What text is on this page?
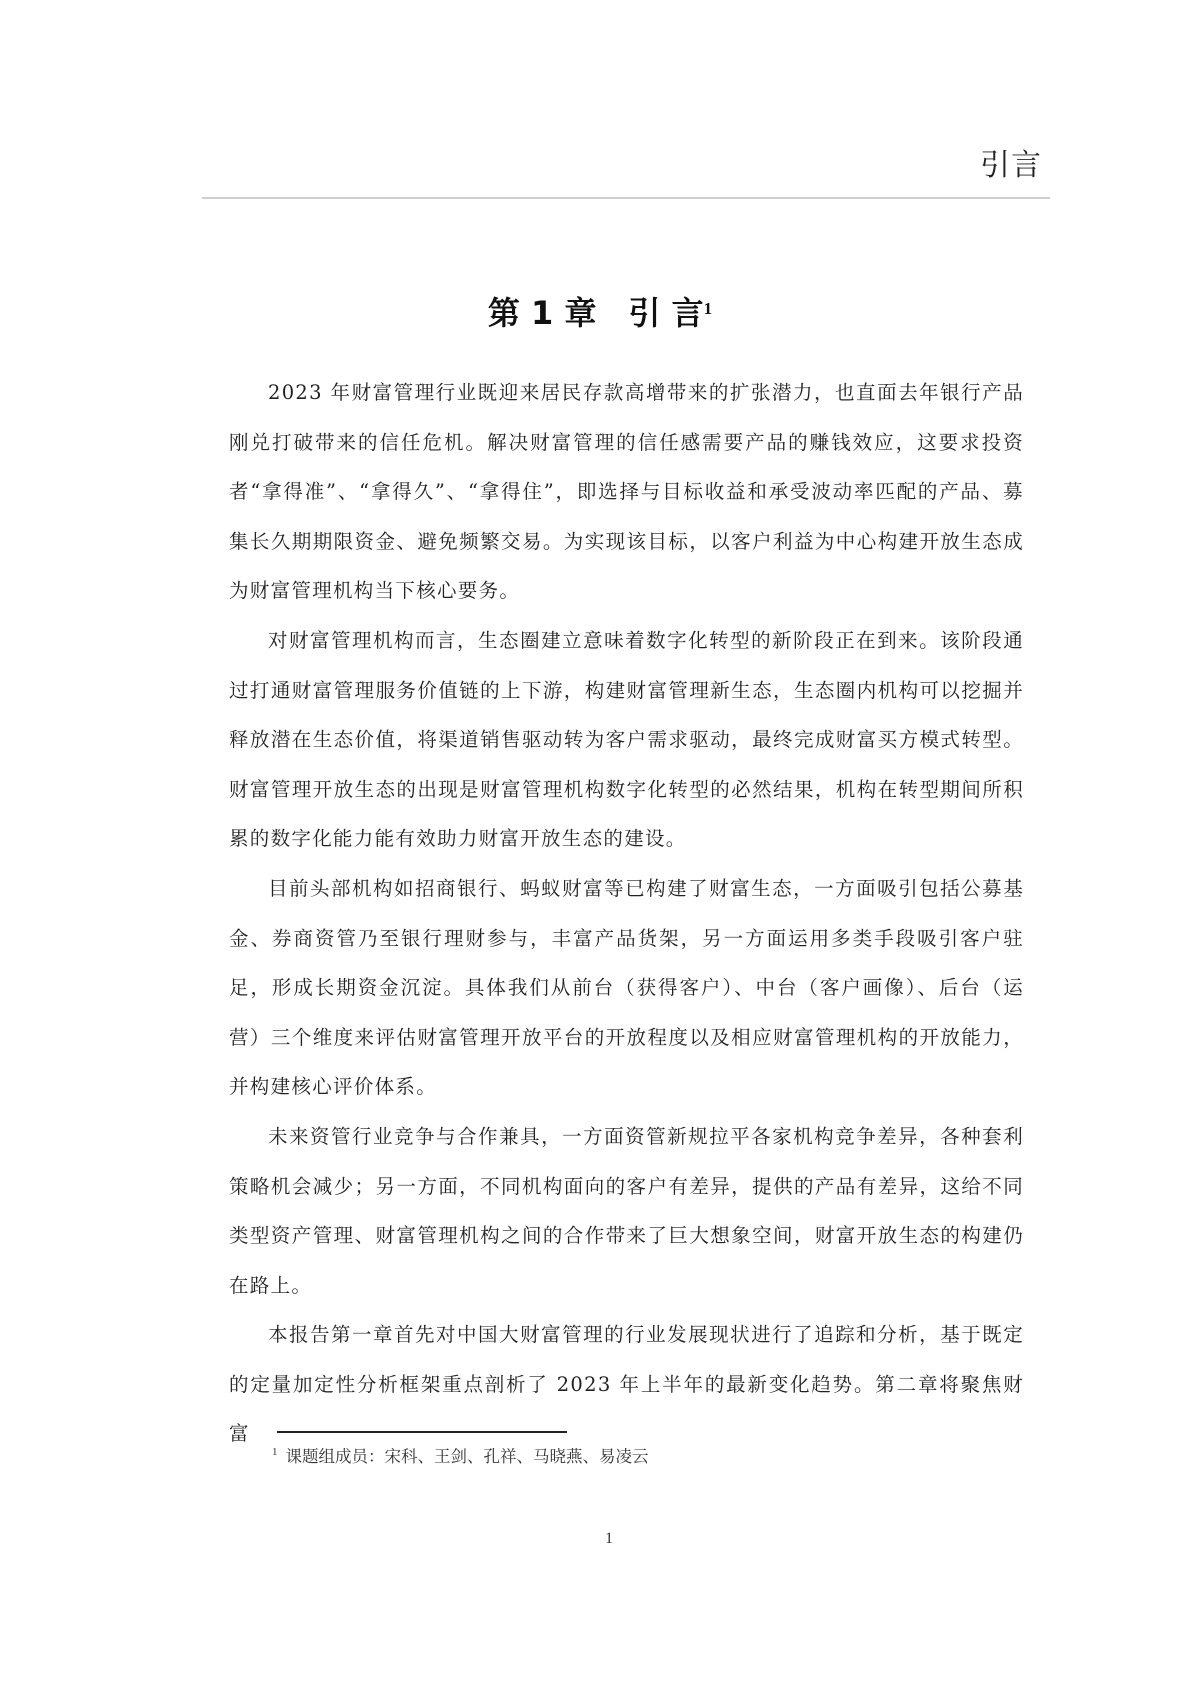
引言
第 1 章　引 言$^1$

2023 年财富管理行业既迎来居民存款高增带来的扩张潜力，也直面去年银行产品刚兑打破带来的信任危机。解决财富管理的信任感需要产品的赚钱效应，这要求投资者“拿得准”、“拿得久”、“拿得住”，即选择与目标收益和承受波动率匹配的产品、募集长久期期限资金、避免频繁交易。为实现该目标，以客户利益为中心构建开放生态成为财富管理机构当下核心要务。

对财富管理机构而言，生态圈建立意味着数字化转型的新阶段正在到来。该阶段通过打通财富管理服务价值链的上下游，构建财富管理新生态，生态圈内机构可以挖掘并释放潜在生态价值，将渠道销售驱动转为客户需求驱动，最终完成财富买方模式转型。财富管理开放生态的出现是财富管理机构数字化转型的必然结果，机构在转型期间所积累的数字化能力能有效助力财富开放生态的建设。

目前头部机构如招商银行、蚂蚁财富等已构建了财富生态，一方面吸引包括公募基金、券商资管乃至银行理财参与，丰富产品货架，另一方面运用多类手段吸引客户驻足，形成长期资金沉淀。具体我们从前台（获得客户）、中台（客户画像）、后台（运营）三个维度来评估财富管理开放平台的开放程度以及相应财富管理机构的开放能力，并构建核心评价体系。

未来资管行业竞争与合作兼具，一方面资管新规拉平各家机构竞争差异，各种套利策略机会减少；另一方面，不同机构面向的客户有差异，提供的产品有差异，这给不同类型资产管理、财富管理机构之间的合作带来了巨大想象空间，财富开放生态的构建仍在路上。

本报告第一章首先对中国大财富管理的行业发展现状进行了追踪和分析，基于既定的定量加定性分析框架重点剖析了 2023 年上半年的最新变化趋势。第二章将聚焦财富

$^1$ 课题组成员：宋科、王剑、孔祥、马晓燕、易凌云
1
